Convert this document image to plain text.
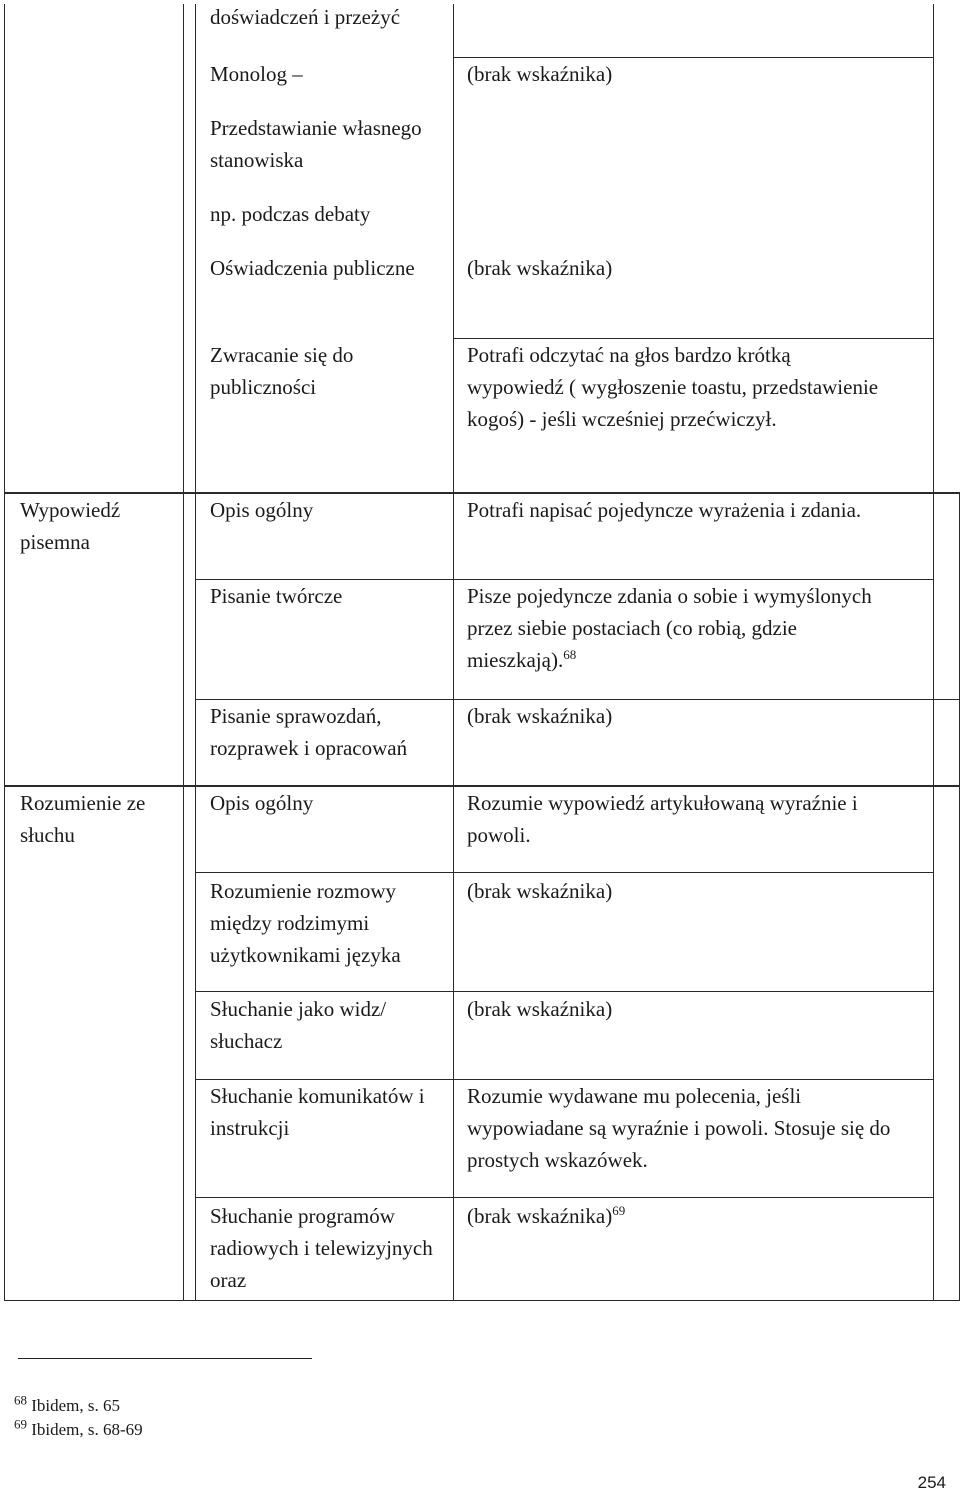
doświadczeń i przeżyć
Monolog –
Przedstawianie własnego stanowiska
np. podczas debaty
Oświadczenia publiczne
Zwracanie się do publiczności
Opis ogólny
Pisanie twórcze
Pisanie sprawozdań, rozprawek i opracowań
Opis ogólny
Rozumienie rozmowy między rodzimymi użytkownikami języka
Słuchanie jako widz/ słuchacz
Słuchanie komunikatów i instrukcji
Słuchanie programów radiowych i telewizyjnych oraz
Wypowiedź pisemna
Rozumienie ze słuchu
(brak wskaźnika)
(brak wskaźnika)
Potrafi odczytać na głos bardzo krótką wypowiedź ( wygłoszenie toastu, przedstawienie kogoś) - jeśli wcześniej przećwiczył.
Potrafi napisać pojedyncze wyrażenia i zdania.
Pisze pojedyncze zdania o sobie i wymyślonych przez siebie postaciach (co robią, gdzie mieszkają).$^{68}$
(brak wskaźnika)
Rozumie wypowiedź artykułowaną wyraźnie i powoli.
(brak wskaźnika)
(brak wskaźnika)
Rozumie wydawane mu polecenia, jeśli wypowiadane są wyraźnie i powoli. Stosuje się do prostych wskazówek.
(brak wskaźnika)$^{69}$
$^{68}$ Ibidem, s. 65
$^{69}$ Ibidem, s. 68-69
254
